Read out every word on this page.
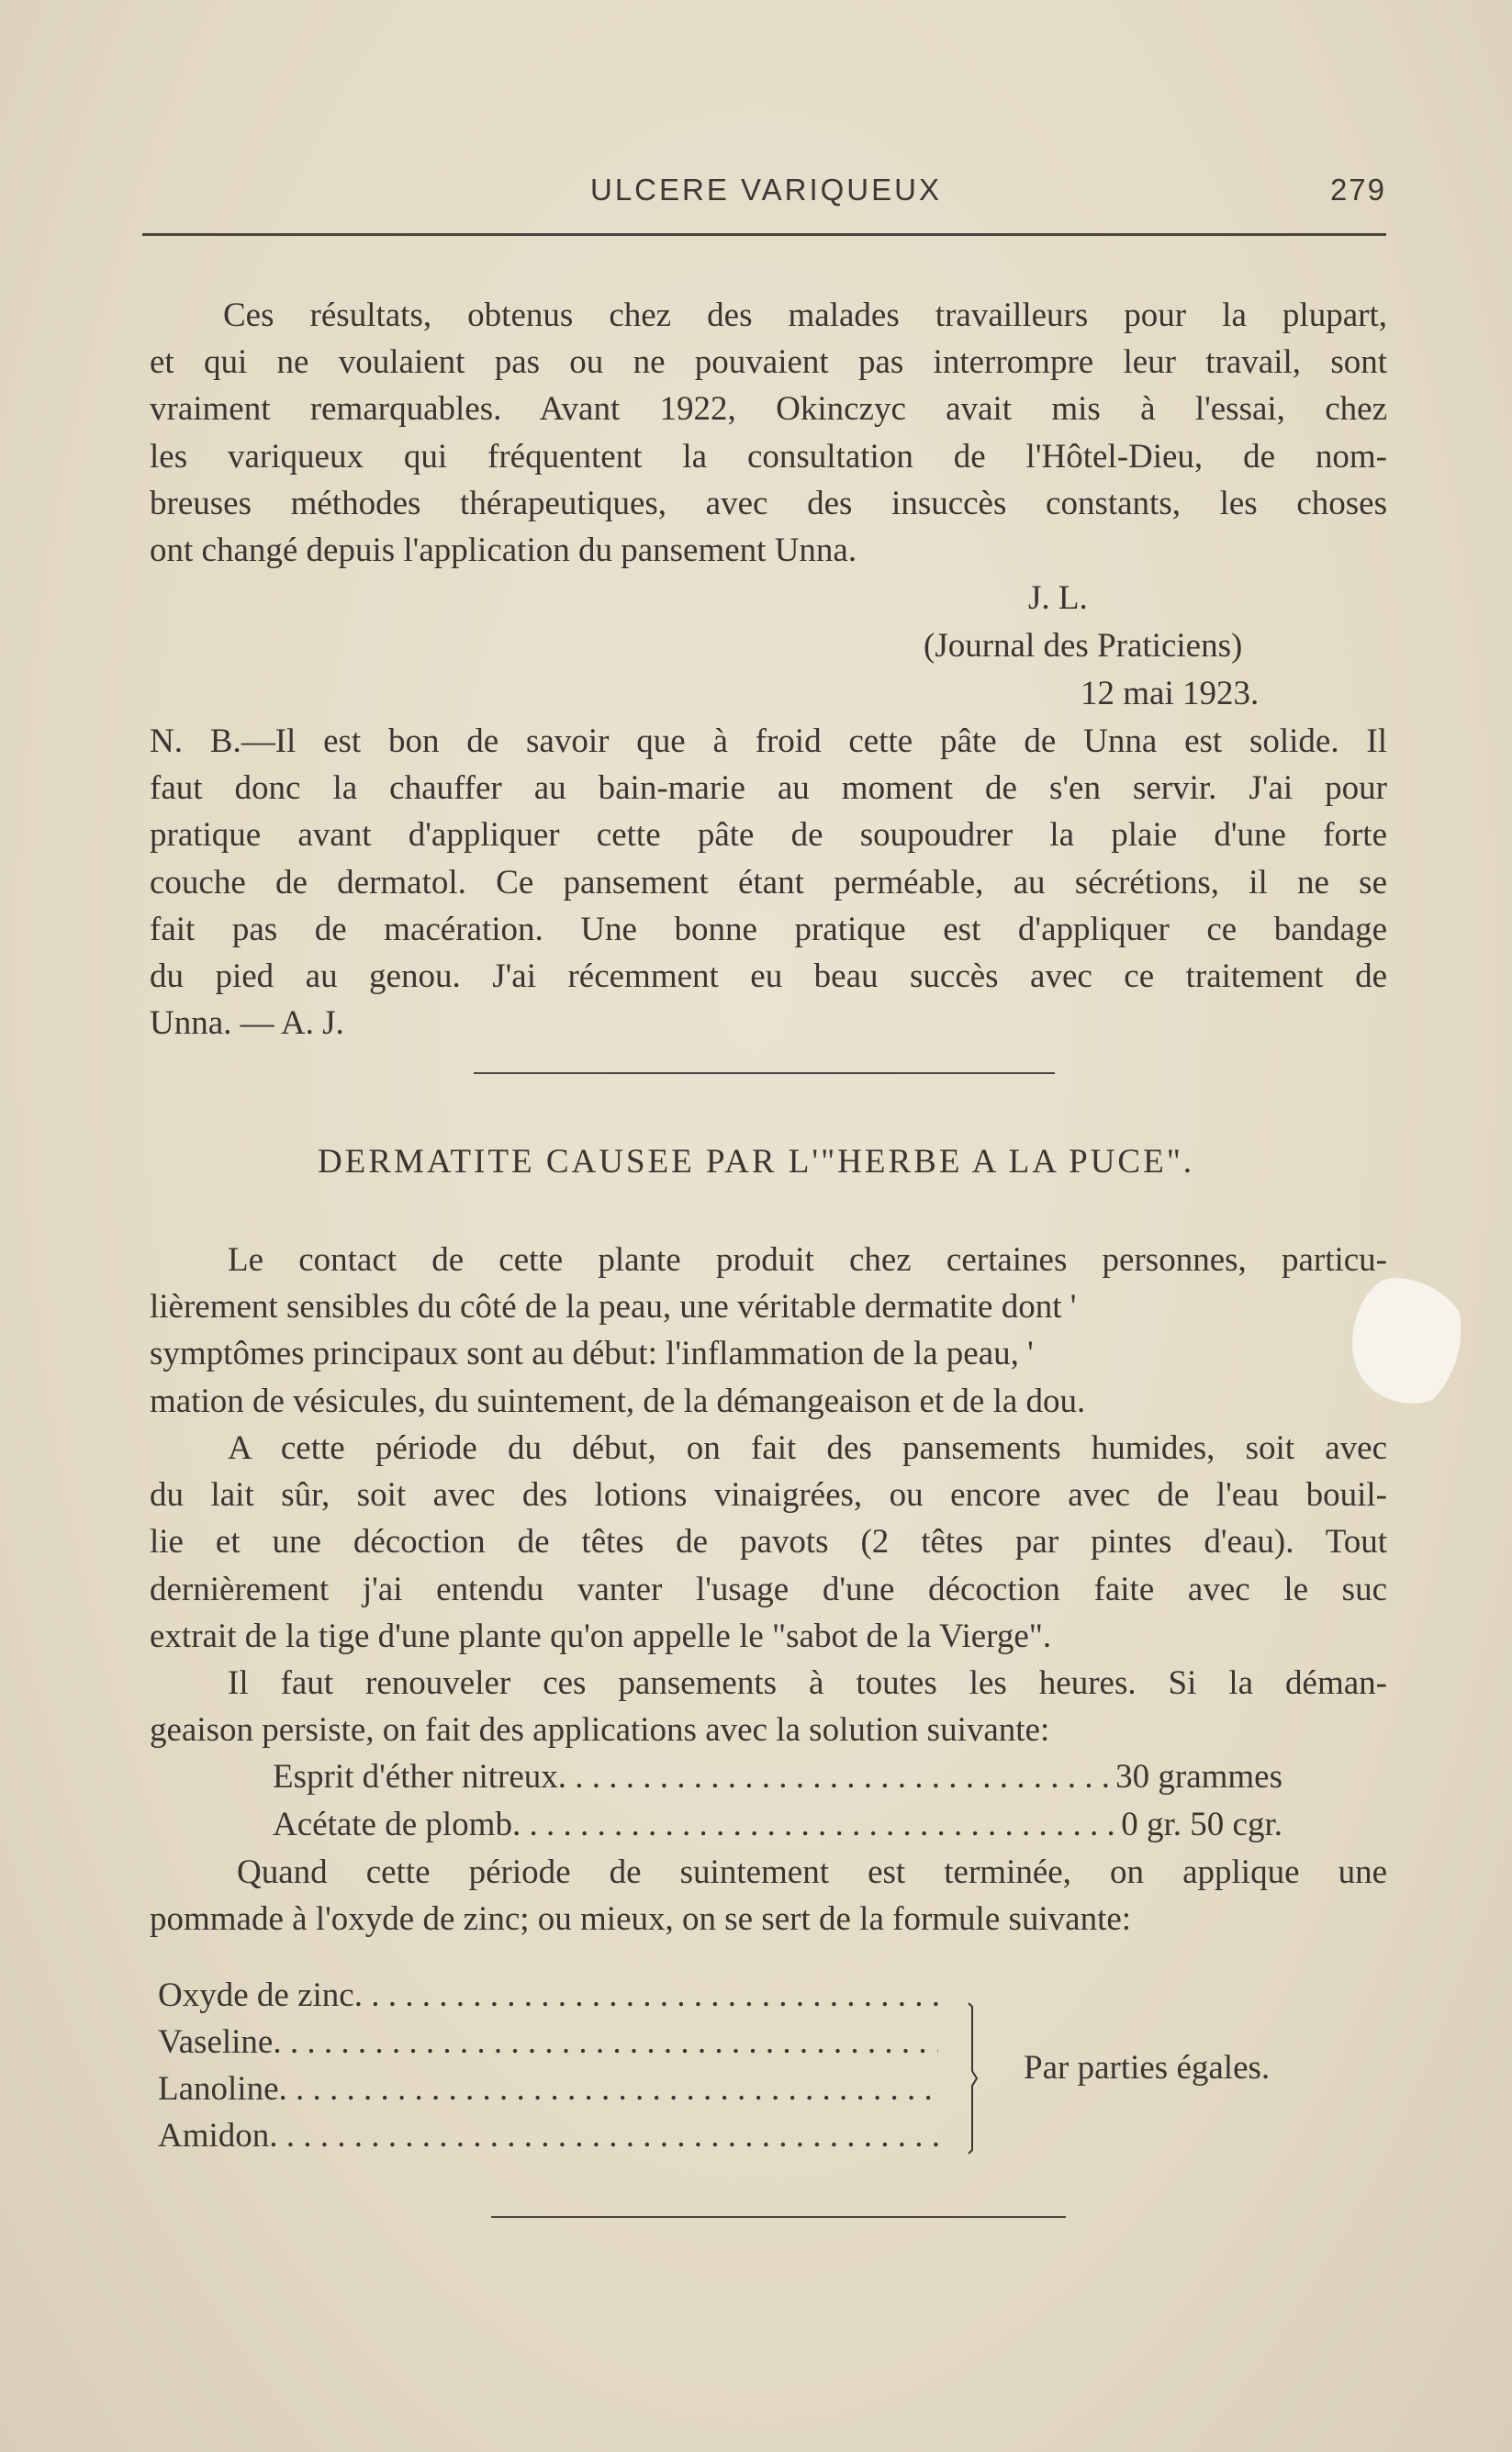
ULCERE VARIQUEUX	279
Ces résultats, obtenus chez des malades travailleurs pour la plupart,
et qui ne voulaient pas ou ne pouvaient pas interrompre leur travail, sont
vraiment remarquables. Avant 1922, Okinczyc avait mis à l'essai, chez
les variqueux qui fréquentent la consultation de l'Hôtel-Dieu, de nom-
breuses méthodes thérapeutiques, avec des insuccès constants, les choses
ont changé depuis l'application du pansement Unna.
J. L.
(Journal des Praticiens)
12 mai 1923.
N. B.—Il est bon de savoir que à froid cette pâte de Unna est solide. Il
faut donc la chauffer au bain-marie au moment de s'en servir. J'ai pour
pratique avant d'appliquer cette pâte de soupoudrer la plaie d'une forte
couche de dermatol. Ce pansement étant perméable, au sécrétions, il ne se
fait pas de macération. Une bonne pratique est d'appliquer ce bandage
du pied au genou. J'ai récemment eu beau succès avec ce traitement de
Unna. — A. J.
DERMATITE CAUSEE PAR L'"HERBE A LA PUCE".
Le contact de cette plante produit chez certaines personnes, particu-
lièrement sensibles du côté de la peau, une véritable dermatite dont '
symptômes principaux sont au début: l'inflammation de la peau, '
mation de vésicules, du suintement, de la démangeaison et de la dou.
A cette période du début, on fait des pansements humides, soit avec
du lait sûr, soit avec des lotions vinaigrées, ou encore avec de l'eau bouil-
lie et une décoction de têtes de pavots (2 têtes par pintes d'eau). Tout
dernièrement j'ai entendu vanter l'usage d'une décoction faite avec le suc
extrait de la tige d'une plante qu'on appelle le "sabot de la Vierge".
Il faut renouveler ces pansements à toutes les heures. Si la déman-
geaison persiste, on fait des applications avec la solution suivante:
Esprit d'éther nitreux . . .	30 grammes
Acétate de plomb . . .	0 gr. 50 cgr.
Quand cette période de suintement est terminée, on applique une
pommade à l'oxyde de zinc; ou mieux, on se sert de la formule suivante:
Oxyde de zinc
. . .
Vaseline
. . .
Lanoline
. . .
Amidon
. . .
Par parties égales.
